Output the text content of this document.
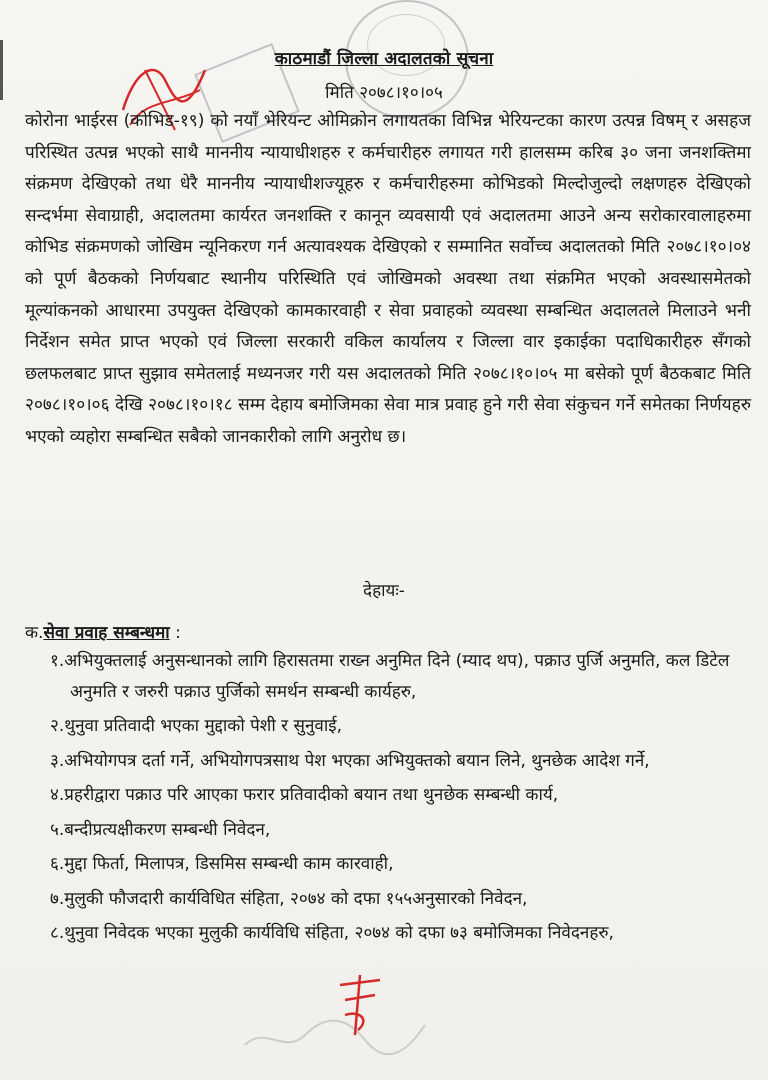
काठमाडौं जिल्ला अदालतको सूचना
मिति २०७८।१०।०५

कोरोना भाईरस (कोभिड-१९) को नयाँ भेरियन्ट ओमिक्रोन लगायतका विभिन्न भेरियन्टका कारण उत्पन्न विषम् र असहज परिस्थित उत्पन्न भएको साथै माननीय न्यायाधीशहरु र कर्मचारीहरु लगायत गरी हालसम्म करिब ३० जना जनशक्तिमा संक्रमण देखिएको तथा धेरै माननीय न्यायाधीशज्यूहरु र कर्मचारीहरुमा कोभिडको मिल्दोजुल्दो लक्षणहरु देखिएको सन्दर्भमा सेवाग्राही, अदालतमा कार्यरत जनशक्ति र कानून व्यवसायी एवं अदालतमा आउने अन्य सरोकारवालाहरुमा कोभिड संक्रमणको जोखिम न्यूनिकरण गर्न अत्यावश्यक देखिएको र सम्मानित सर्वोच्च अदालतको मिति २०७८।१०।०४ को पूर्ण बैठकको निर्णयबाट स्थानीय परिस्थिति एवं जोखिमको अवस्था तथा संक्रमित भएको अवस्थासमेतको मूल्यांकनको आधारमा उपयुक्त देखिएको कामकारवाही र सेवा प्रवाहको व्यवस्था सम्बन्धित अदालतले मिलाउने भनी निर्देशन समेत प्राप्त भएको एवं जिल्ला सरकारी वकिल कार्यालय र जिल्ला वार इकाईका पदाधिकारीहरु सँगको छलफलबाट प्राप्त सुझाव समेतलाई मध्यनजर गरी यस अदालतको मिति २०७८।१०।०५ मा बसेको पूर्ण बैठकबाट मिति २०७८।१०।०६ देखि २०७८।१०।१८ सम्म देहाय बमोजिमका सेवा मात्र प्रवाह हुने गरी सेवा संकुचन गर्ने समेतका निर्णयहरु भएको व्यहोरा सम्बन्धित सबैको जानकारीको लागि अनुरोध छ।

देहायः-
क.सेवा प्रवाह सम्बन्धमा :
१.अभियुक्तलाई अनुसन्धानको लागि हिरासतमा राख्न अनुमित दिने (म्याद थप), पक्राउ पुर्जि अनुमति, कल डिटेल अनुमति र जरुरी पक्राउ पुर्जिको समर्थन सम्बन्धी कार्यहरु,
२.थुनुवा प्रतिवादी भएका मुद्दाको पेशी र सुनुवाई,
३.अभियोगपत्र दर्ता गर्ने, अभियोगपत्रसाथ पेश भएका अभियुक्तको बयान लिने, थुनछेक आदेश गर्ने,
४.प्रहरीद्वारा पक्राउ परि आएका फरार प्रतिवादीको बयान तथा थुनछेक सम्बन्धी कार्य,
५.बन्दीप्रत्यक्षीकरण सम्बन्धी निवेदन,
६.मुद्दा फिर्ता, मिलापत्र, डिसमिस सम्बन्धी काम कारवाही,
७.मुलुकी फौजदारी कार्यविधित संहिता, २०७४ को दफा १५५अनुसारको निवेदन,
८.थुनुवा निवेदक भएका मुलुकी कार्यविधि संहिता, २०७४ को दफा ७३ बमोजिमका निवेदनहरु,
